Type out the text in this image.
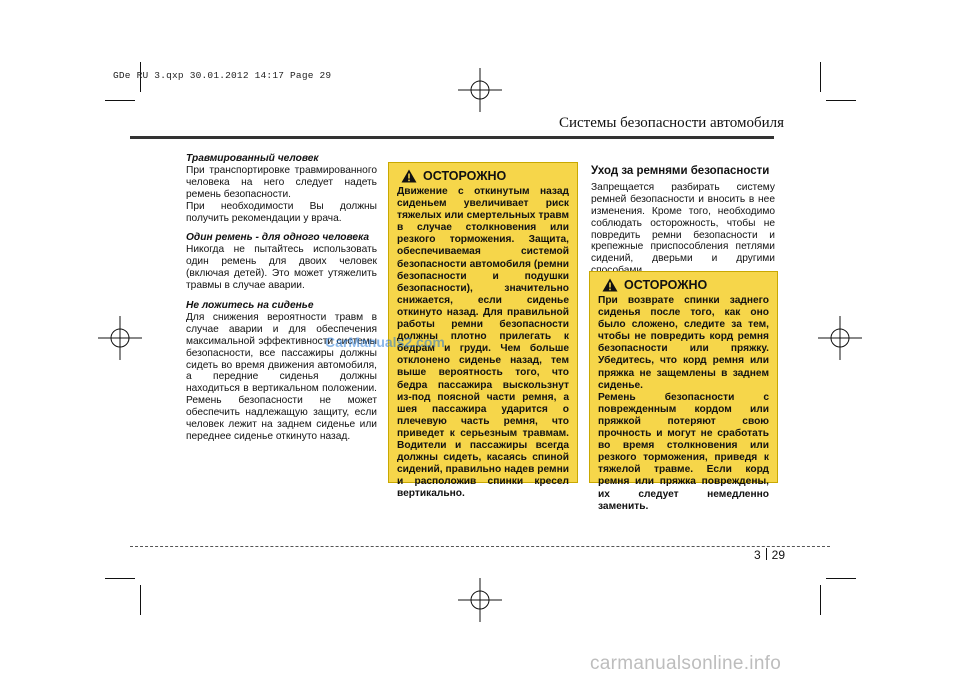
GDe RU 3.qxp 30.01.2012 14:17 Page 29
Системы безопасности автомобиля

Травмированный человек

При транспортировке травмированного человека на него следует надеть ремень безопасности.

При необходимости Вы должны получить рекомендации у врача.

Один ремень - для одного человека

Никогда не пытайтесь использовать один ремень для двоих человек (включая детей). Это может утяжелить травмы в случае аварии.

Не ложитесь на сиденье

Для снижения вероятности травм в случае аварии и для обеспечения максимальной эффективности системы безопасности, все пассажиры должны сидеть во время движения автомобиля, а передние сиденья должны находиться в вертикальном положении. Ремень безопасности не может обеспечить надлежащую защиту, если человек лежит на заднем сиденье или переднее сиденье откинуто назад.

ОСТОРОЖНО
Движение с откинутым назад сиденьем увеличивает риск тяжелых или смертельных травм в случае столкновения или резкого торможения. Защита, обеспечиваемая системой безопасности автомобиля (ремни безопасности и подушки безопасности), значительно снижается, если сиденье откинуто назад. Для правильной работы ремни безопасности должны плотно прилегать к бедрам и груди. Чем больше отклонено сиденье назад, тем выше вероятность того, что бедра пассажира выскользнут из-под поясной части ремня, а шея пассажира ударится о плечевую часть ремня, что приведет к серьезным травмам. Водители и пассажиры всегда должны сидеть, касаясь спиной сидений, правильно надев ремни и расположив спинки кресел вертикально.

Уход за ремнями безопасности

Запрещается разбирать систему ремней безопасности и вносить в нее изменения. Кроме того, необходимо соблюдать осторожность, чтобы не повредить ремни безопасности и крепежные приспособления петлями сидений, дверьми и другими

ОСТОРОЖНО
При возврате спинки заднего сиденья после того, как оно было сложено, следите за тем, чтобы не повредить корд ремня безопасности или пряжку. Убедитесь, что корд ремня или пряжка не защемлены в заднем сиденье.
Ремень безопасности с поврежденным кордом или пряжкой потеряют свою прочность и могут не сработать во время столкновения или резкого торможения, приведя к тяжелой травме. Если корд ремня или пряжка повреждены, их следует немедленно заменить.
3 29
CarManuals2.com
carmanualsonline.info
